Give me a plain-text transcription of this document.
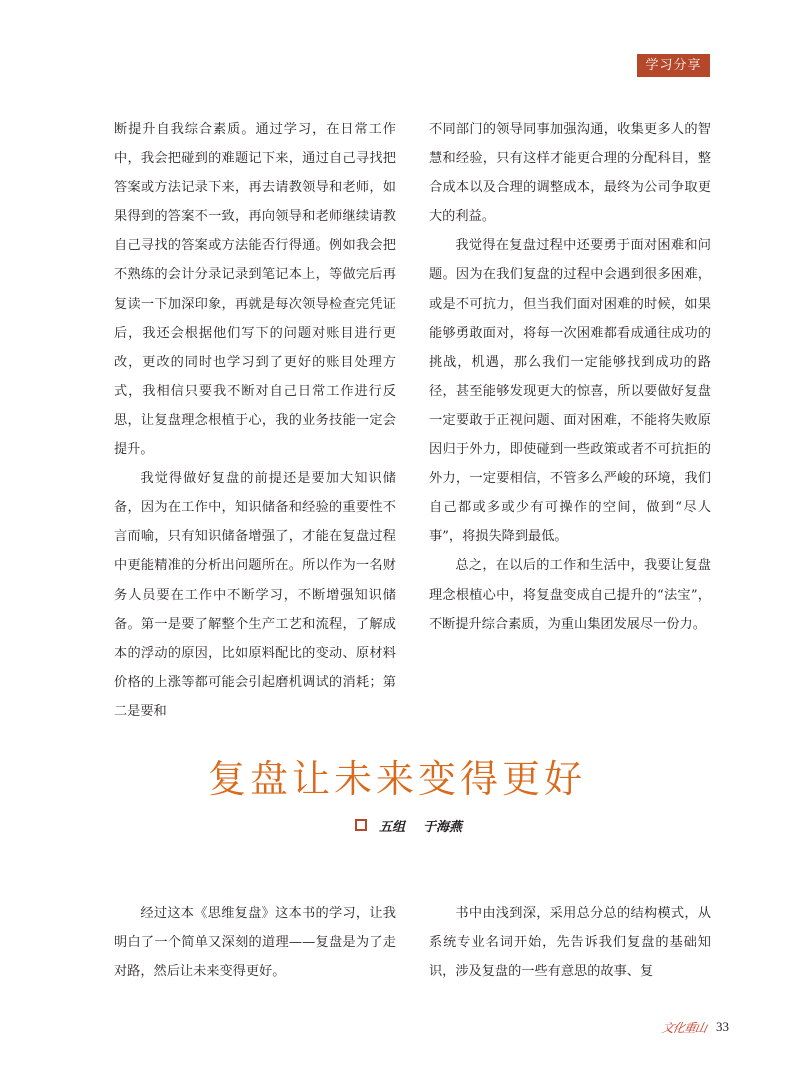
学习分享

断提升自我综合素质。通过学习，在日常工作中，我会把碰到的难题记下来，通过自己寻找把答案或方法记录下来，再去请教领导和老师，如果得到的答案不一致，再向领导和老师继续请教自己寻找的答案或方法能否行得通。例如我会把不熟练的会计分录记录到笔记本上，等做完后再复读一下加深印象，再就是每次领导检查完凭证后，我还会根据他们写下的问题对账目进行更改，更改的同时也学习到了更好的账目处理方式，我相信只要我不断对自己日常工作进行反思，让复盘理念根植于心，我的业务技能一定会提升。

我觉得做好复盘的前提还是要加大知识储备，因为在工作中，知识储备和经验的重要性不言而喻，只有知识储备增强了，才能在复盘过程中更能精准的分析出问题所在。所以作为一名财务人员要在工作中不断学习，不断增强知识储备。第一是要了解整个生产工艺和流程，了解成本的浮动的原因，比如原料配比的变动、原材料价格的上涨等都可能会引起磨机调试的消耗；第二是要和

不同部门的领导同事加强沟通，收集更多人的智慧和经验，只有这样才能更合理的分配科目，整合成本以及合理的调整成本，最终为公司争取更大的利益。

我觉得在复盘过程中还要勇于面对困难和问题。因为在我们复盘的过程中会遇到很多困难，或是不可抗力，但当我们面对困难的时候，如果能够勇敢面对，将每一次困难都看成通往成功的挑战，机遇，那么我们一定能够找到成功的路径，甚至能够发现更大的惊喜，所以要做好复盘一定要敢于正视问题、面对困难，不能将失败原因归于外力，即使碰到一些政策或者不可抗拒的外力，一定要相信，不管多么严峻的环境，我们自己都或多或少有可操作的空间，做到“尽人事”，将损失降到最低。

总之，在以后的工作和生活中，我要让复盘理念根植心中，将复盘变成自己提升的“法宝”，不断提升综合素质，为重山集团发展尽一份力。

复盘让未来变得更好
五组 于海燕

经过这本《思维复盘》这本书的学习，让我明白了一个简单又深刻的道理——复盘是为了走对路，然后让未来变得更好。

书中由浅到深，采用总分总的结构模式，从系统专业名词开始，先告诉我们复盘的基础知识，涉及复盘的一些有意思的故事、复

文化重山 33
